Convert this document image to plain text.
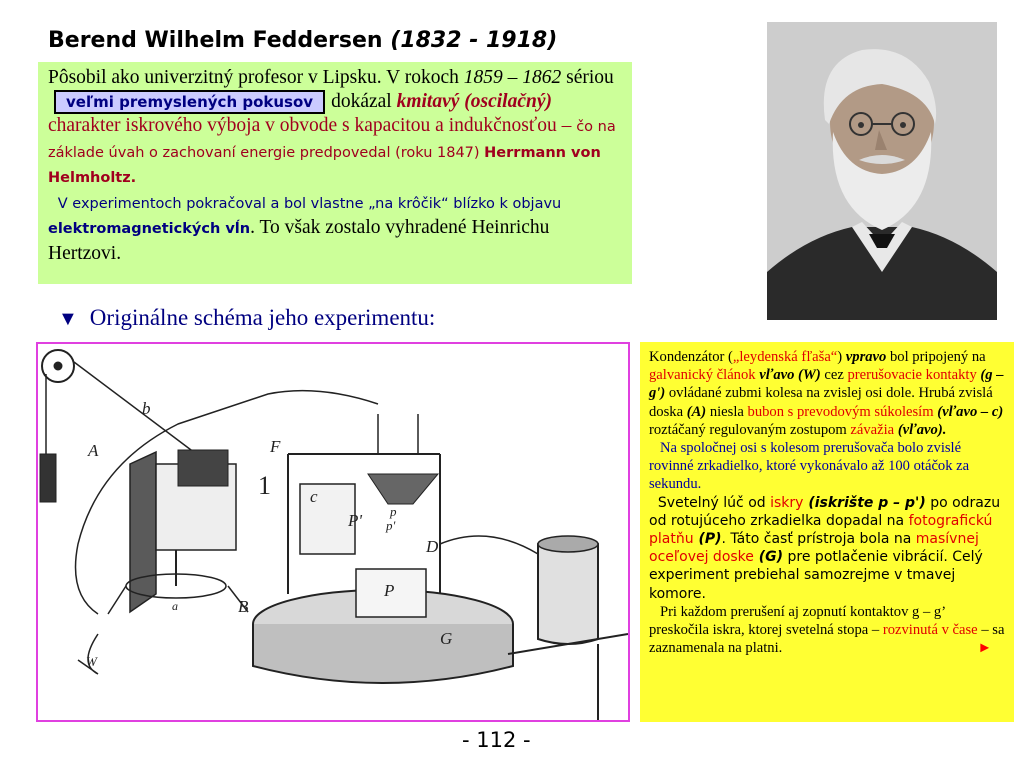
Berend Wilhelm Feddersen (1832 - 1918)

Pôsobil ako univerzitný profesor v Lipsku. V rokoch 1859 – 1862 sériouveľmi premyslených pokusov dokázal kmitavý (oscilačný) charakter iskrového výboja v obvode s kapacitou a indukčnosťou – čo na základe úvah o zachovaní energie predpovedal (roku 1847) Herrmann von Helmholtz.
V experimentoch pokračoval a bol vlastne „na krôčik“ blízko k objavu elektromagnetických vĺn. To však zostalo vyhradené Heinrichu Hertzovi.

▼ Originálne schéma jeho experimentu:
b
A	F
1 c
P' p'
p
P
D
B
a
G
W

Kondenzátor („leydenská fľaša“) vpravo bol pripojený na galvanický článok vľavo (W) cez prerušovacie kontakty (g – g') ovládané zubmi kolesa na zvislej osi dole. Hrubá zvislá doska (A) niesla bubon s prevodovým súkolesím (vľavo – c) roztáčaný regulovaným zostupom závažia (vľavo).

Na spoločnej osi s kolesom prerušovača bolo zvislé rovinné zrkadielko, ktoré vykonávalo až 100 otáčok za sekundu.

Svetelný lúč od iskry (iskrište p – p') po odrazu od rotujúceho zrkadielka dopadal na fotografickú platňu (P). Táto časť prístroja bola na masívnej oceľovej doske (G) pre potlačenie vibrácií. Celý experiment prebiehal samozrejme v tmavej komore.

Pri každom prerušení aj zopnutí kontaktov g – g’ preskočila iskra, ktorej svetelná stopa – rozvinutá v čase – sa zaznamenala na platni.	►

- 112 -
